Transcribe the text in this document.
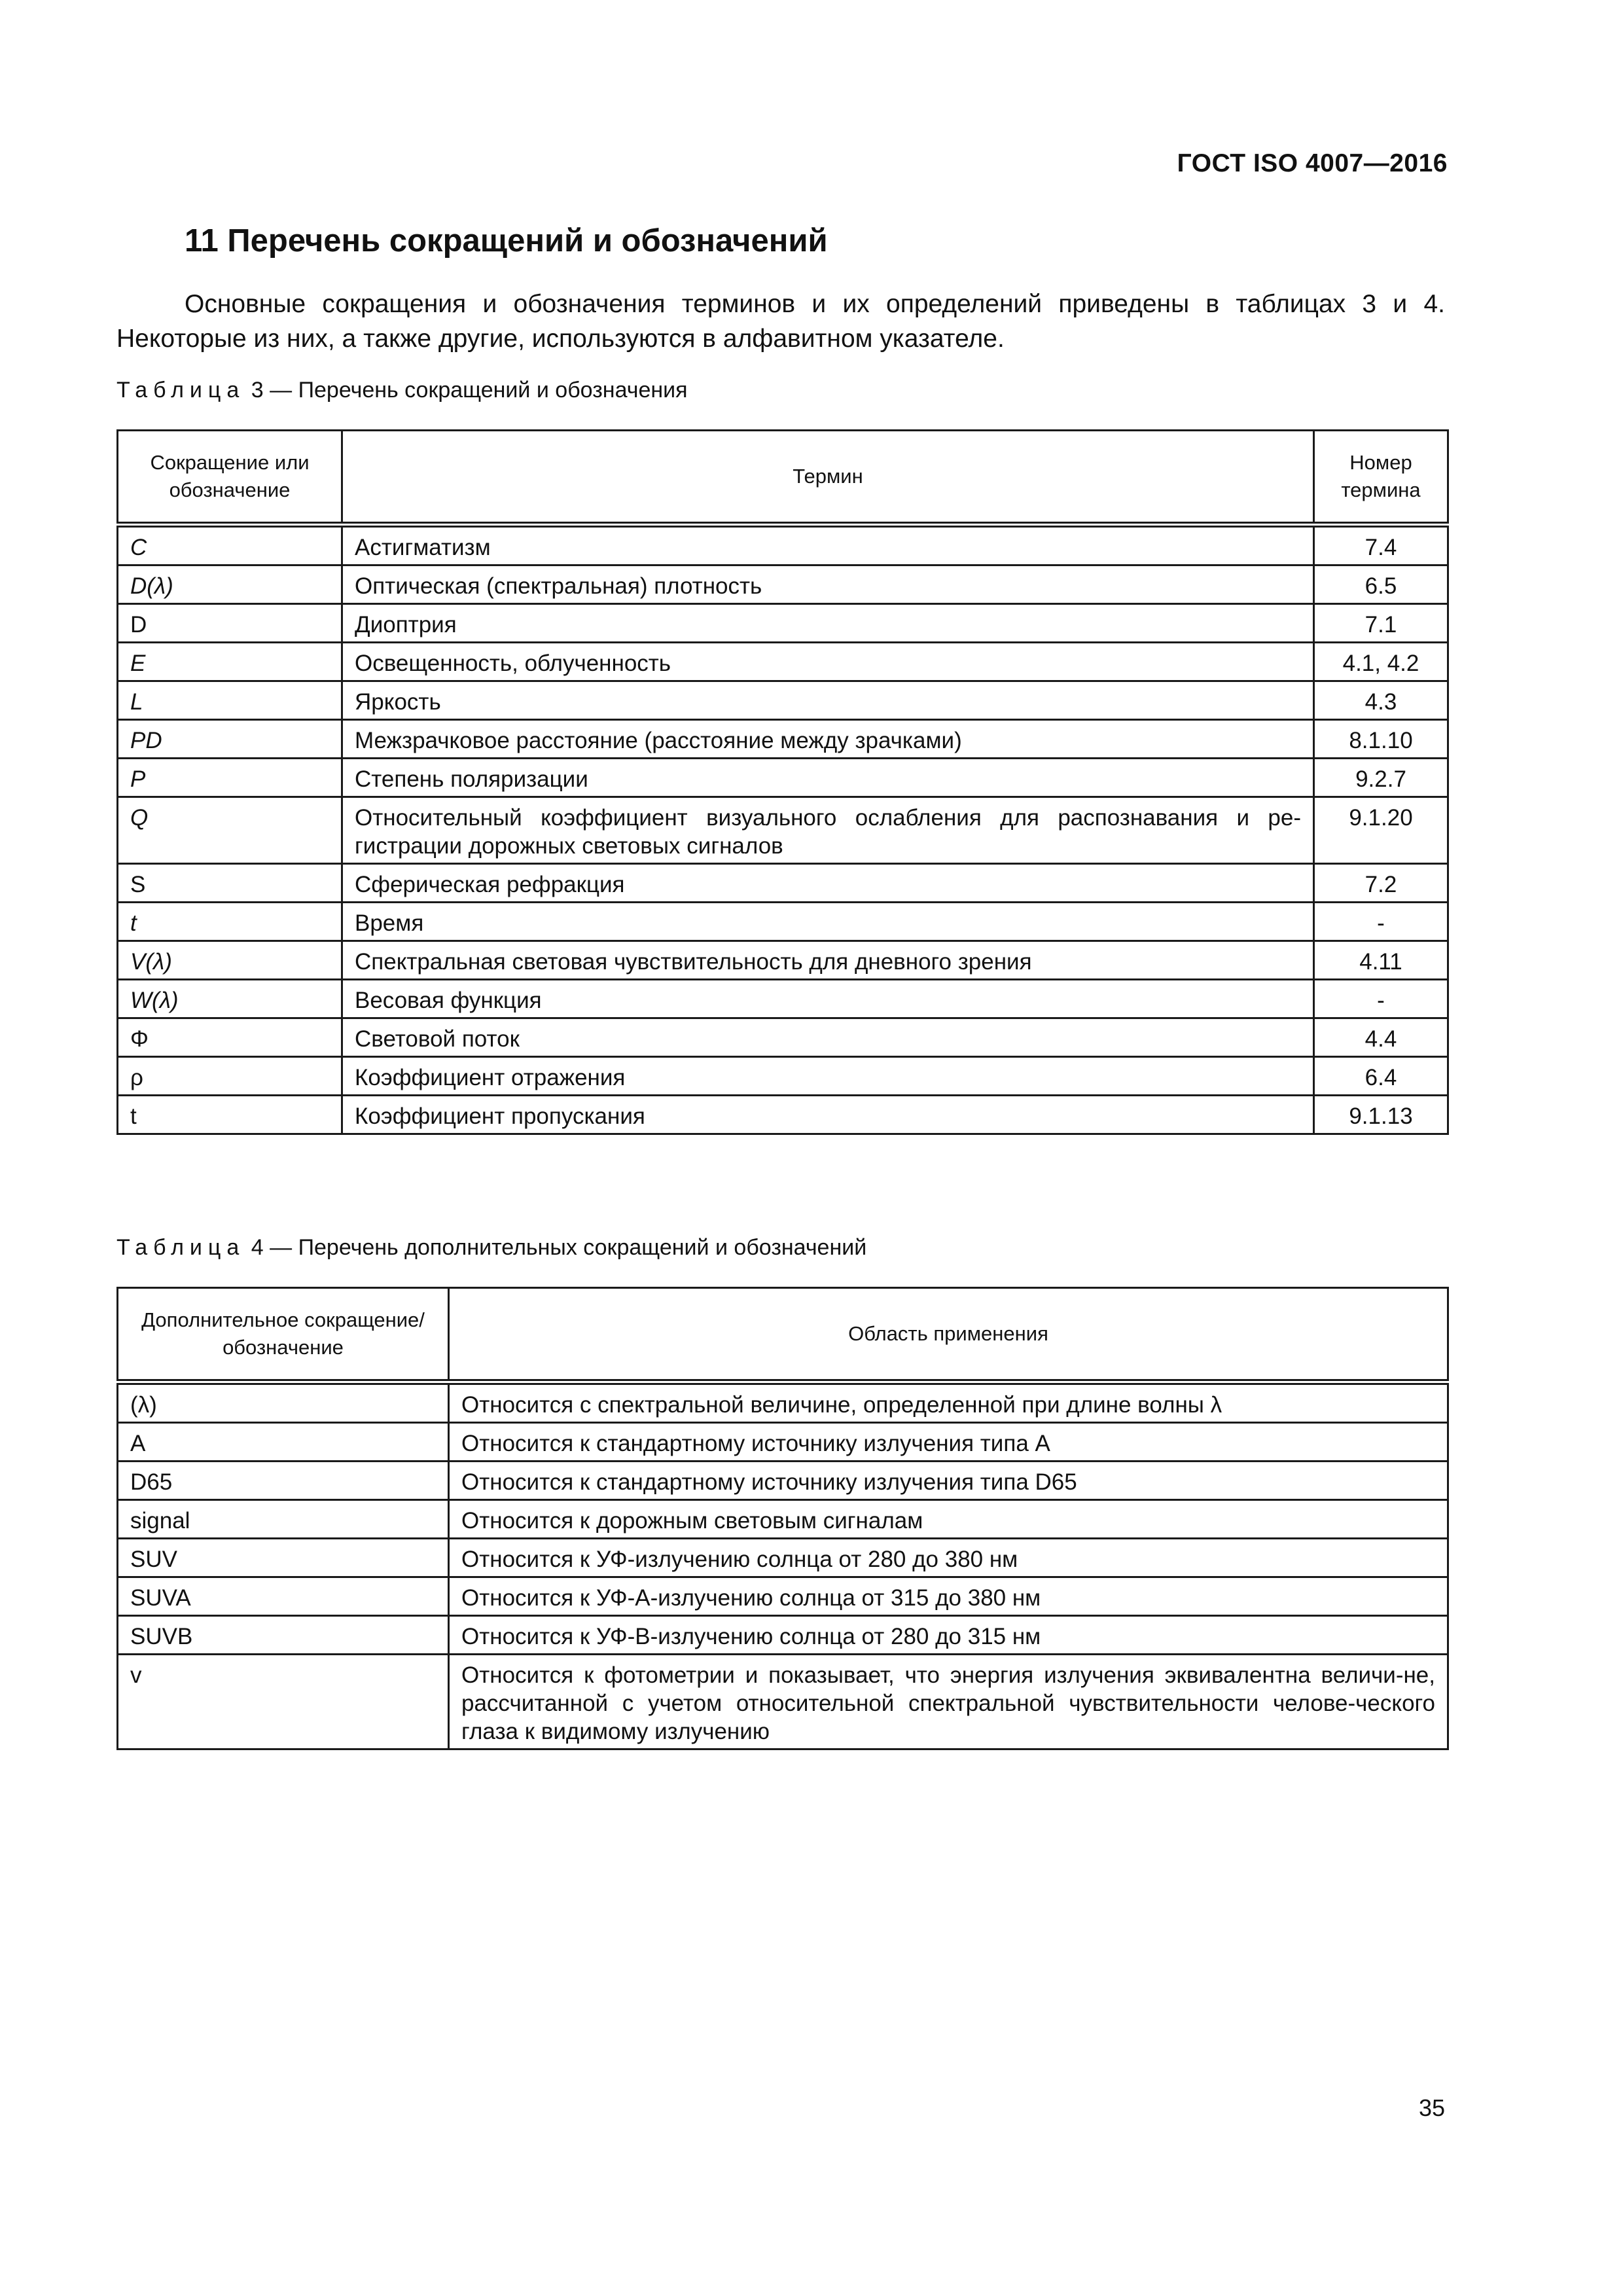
ГОСТ ISO 4007—2016
11 Перечень сокращений и обозначений
Основные сокращения и обозначения терминов и их определений приведены в таблицах 3 и 4. Некоторые из них, а также другие, используются в алфавитном указателе.
Таблица 3 — Перечень сокращений и обозначения
Сокращение или обозначение	Термин	Номер термина
C	Астигматизм	7.4
D(λ)	Оптическая (спектральная) плотность	6.5
D	Диоптрия	7.1
E	Освещенность, облученность	4.1, 4.2
L	Яркость	4.3
PD	Межзрачковое расстояние (расстояние между зрачками)	8.1.10
P	Степень поляризации	9.2.7
Q	Относительный коэффициент визуального ослабления для распознавания и ре-гистрации дорожных световых сигналов	9.1.20
S	Сферическая рефракция	7.2
t	Время	-
V(λ)	Спектральная световая чувствительность для дневного зрения	4.11
W(λ)	Весовая функция	-
Φ	Световой поток	4.4
ρ	Коэффициент отражения	6.4
t	Коэффициент пропускания	9.1.13
Таблица 4 — Перечень дополнительных сокращений и обозначений
Дополнительное сокращение/обозначение	Область применения
(λ)	Относится с спектральной величине, определенной при длине волны λ
A	Относится к стандартному источнику излучения типа A
D65	Относится к стандартному источнику излучения типа D65
signal	Относится к дорожным световым сигналам
SUV	Относится к УФ-излучению солнца от 280 до 380 нм
SUVA	Относится к УФ-А-излучению солнца от 315 до 380 нм
SUVB	Относится к УФ-В-излучению солнца от 280 до 315 нм
v	Относится к фотометрии и показывает, что энергия излучения эквивалентна величи-не, рассчитанной с учетом относительной спектральной чувствительности челове-ческого глаза к видимому излучению
35
